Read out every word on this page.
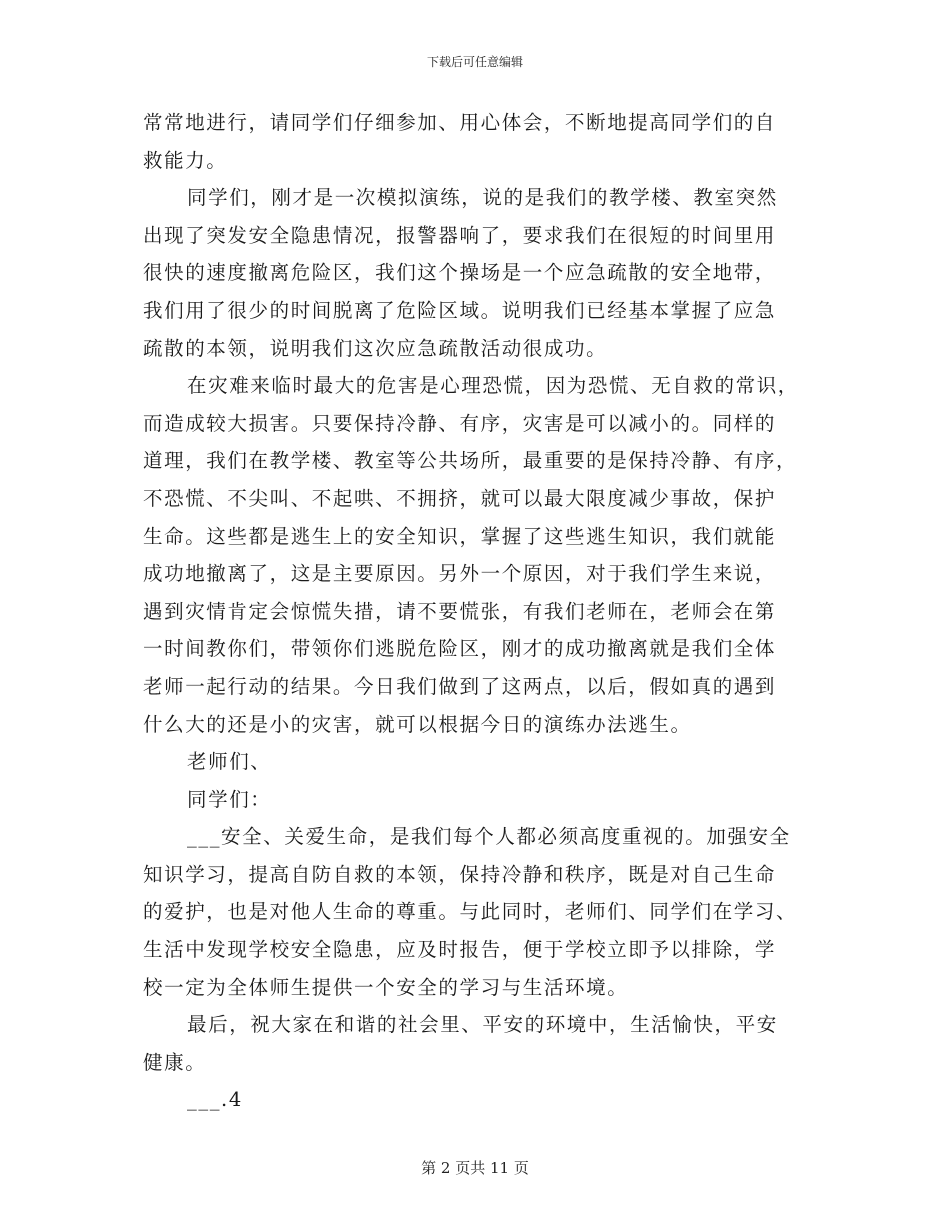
下载后可任意编辑
常常地进行，请同学们仔细参加、用心体会，不断地提高同学们的自
救能力。
同学们，刚才是一次模拟演练，说的是我们的教学楼、教室突然
出现了突发安全隐患情况，报警器响了，要求我们在很短的时间里用
很快的速度撤离危险区，我们这个操场是一个应急疏散的安全地带，
我们用了很少的时间脱离了危险区域。说明我们已经基本掌握了应急
疏散的本领，说明我们这次应急疏散活动很成功。
在灾难来临时最大的危害是心理恐慌，因为恐慌、无自救的常识，
而造成较大损害。只要保持冷静、有序，灾害是可以减小的。同样的
道理，我们在教学楼、教室等公共场所，最重要的是保持冷静、有序，
不恐慌、不尖叫、不起哄、不拥挤，就可以最大限度减少事故，保护
生命。这些都是逃生上的安全知识，掌握了这些逃生知识，我们就能
成功地撤离了，这是主要原因。另外一个原因，对于我们学生来说，
遇到灾情肯定会惊慌失措，请不要慌张，有我们老师在，老师会在第
一时间教你们，带领你们逃脱危险区，刚才的成功撤离就是我们全体
老师一起行动的结果。今日我们做到了这两点，以后，假如真的遇到
什么大的还是小的灾害，就可以根据今日的演练办法逃生。
老师们、
同学们：
___安全、关爱生命，是我们每个人都必须高度重视的。加强安全
知识学习，提高自防自救的本领，保持冷静和秩序，既是对自己生命
的爱护，也是对他人生命的尊重。与此同时，老师们、同学们在学习、
生活中发现学校安全隐患，应及时报告，便于学校立即予以排除，学
校一定为全体师生提供一个安全的学习与生活环境。
最后，祝大家在和谐的社会里、平安的环境中，生活愉快，平安
健康。
___.4
第 2 页共 11 页
